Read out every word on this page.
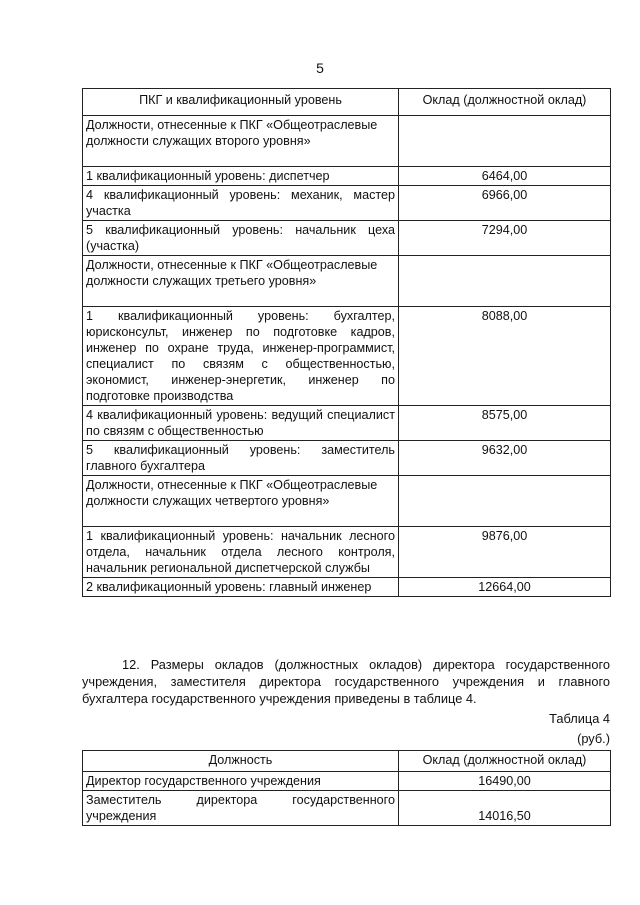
5
ПКГ и квалификационный уровень	Оклад (должностной оклад)
Должности, отнесенные к ПКГ «Общеотраслевые должности служащих второго уровня»	
1 квалификационный уровень: диспетчер	6464,00
4 квалификационный уровень: механик, мастер участка	6966,00
5 квалификационный уровень: начальник цеха (участка)	7294,00
Должности, отнесенные к ПКГ «Общеотраслевые должности служащих третьего уровня»	
1 квалификационный уровень: бухгалтер, юрисконсульт, инженер по подготовке кадров, инженер по охране труда, инженер-программист, специалист по связям с общественностью, экономист, инженер-энергетик, инженер по подготовке производства	8088,00
4 квалификационный уровень: ведущий специалист по связям с общественностью	8575,00
5 квалификационный уровень: заместитель главного бухгалтера	9632,00
Должности, отнесенные к ПКГ «Общеотраслевые должности служащих четвертого уровня»	
1 квалификационный уровень: начальник лесного отдела, начальник отдела лесного контроля, начальник региональной диспетчерской службы	9876,00
2 квалификационный уровень: главный инженер	12664,00
12. Размеры окладов (должностных окладов) директора государственного учреждения, заместителя директора государственного учреждения и главного бухгалтера государственного учреждения приведены в таблице 4.
Таблица 4
(руб.)
Должность	Оклад (должностной оклад)
Директор государственного учреждения	16490,00
Заместитель директора государственного учреждения	14016,50
